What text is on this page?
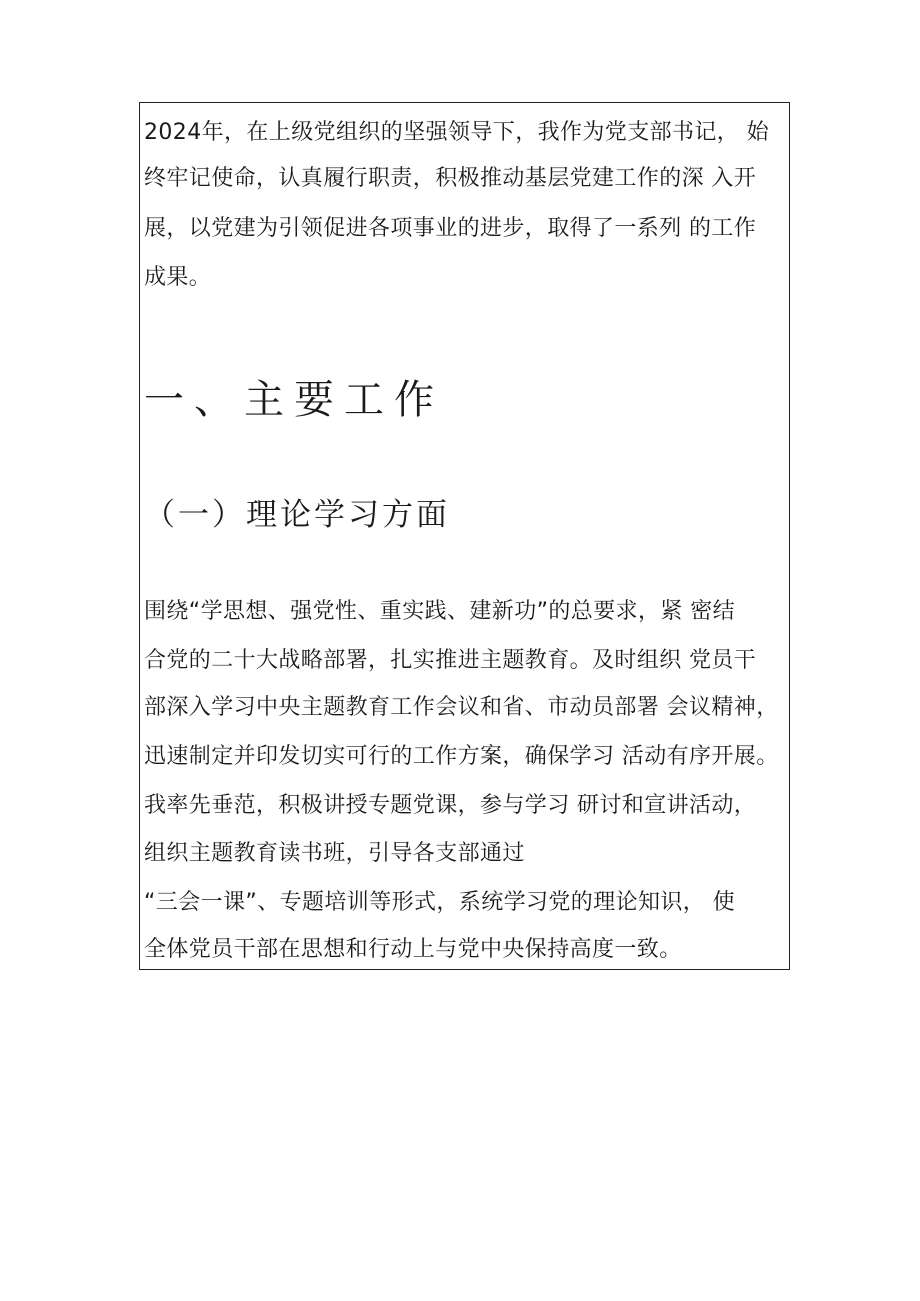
2024年，在上级党组织的坚强领导下，我作为党支部书记， 始
终牢记使命，认真履行职责，积极推动基层党建工作的深 入开
展，以党建为引领促进各项事业的进步，取得了一系列 的工作
成果。
一、主要工作
（一）理论学习方面
围绕“学思想、强党性、重实践、建新功”的总要求，紧 密结
合党的二十大战略部署，扎实推进主题教育。及时组织 党员干
部深入学习中央主题教育工作会议和省、市动员部署 会议精神，
迅速制定并印发切实可行的工作方案，确保学习 活动有序开展。
我率先垂范，积极讲授专题党课，参与学习 研讨和宣讲活动，
组织主题教育读书班，引导各支部通过
“三会一课”、专题培训等形式，系统学习党的理论知识， 使
全体党员干部在思想和行动上与党中央保持高度一致。
